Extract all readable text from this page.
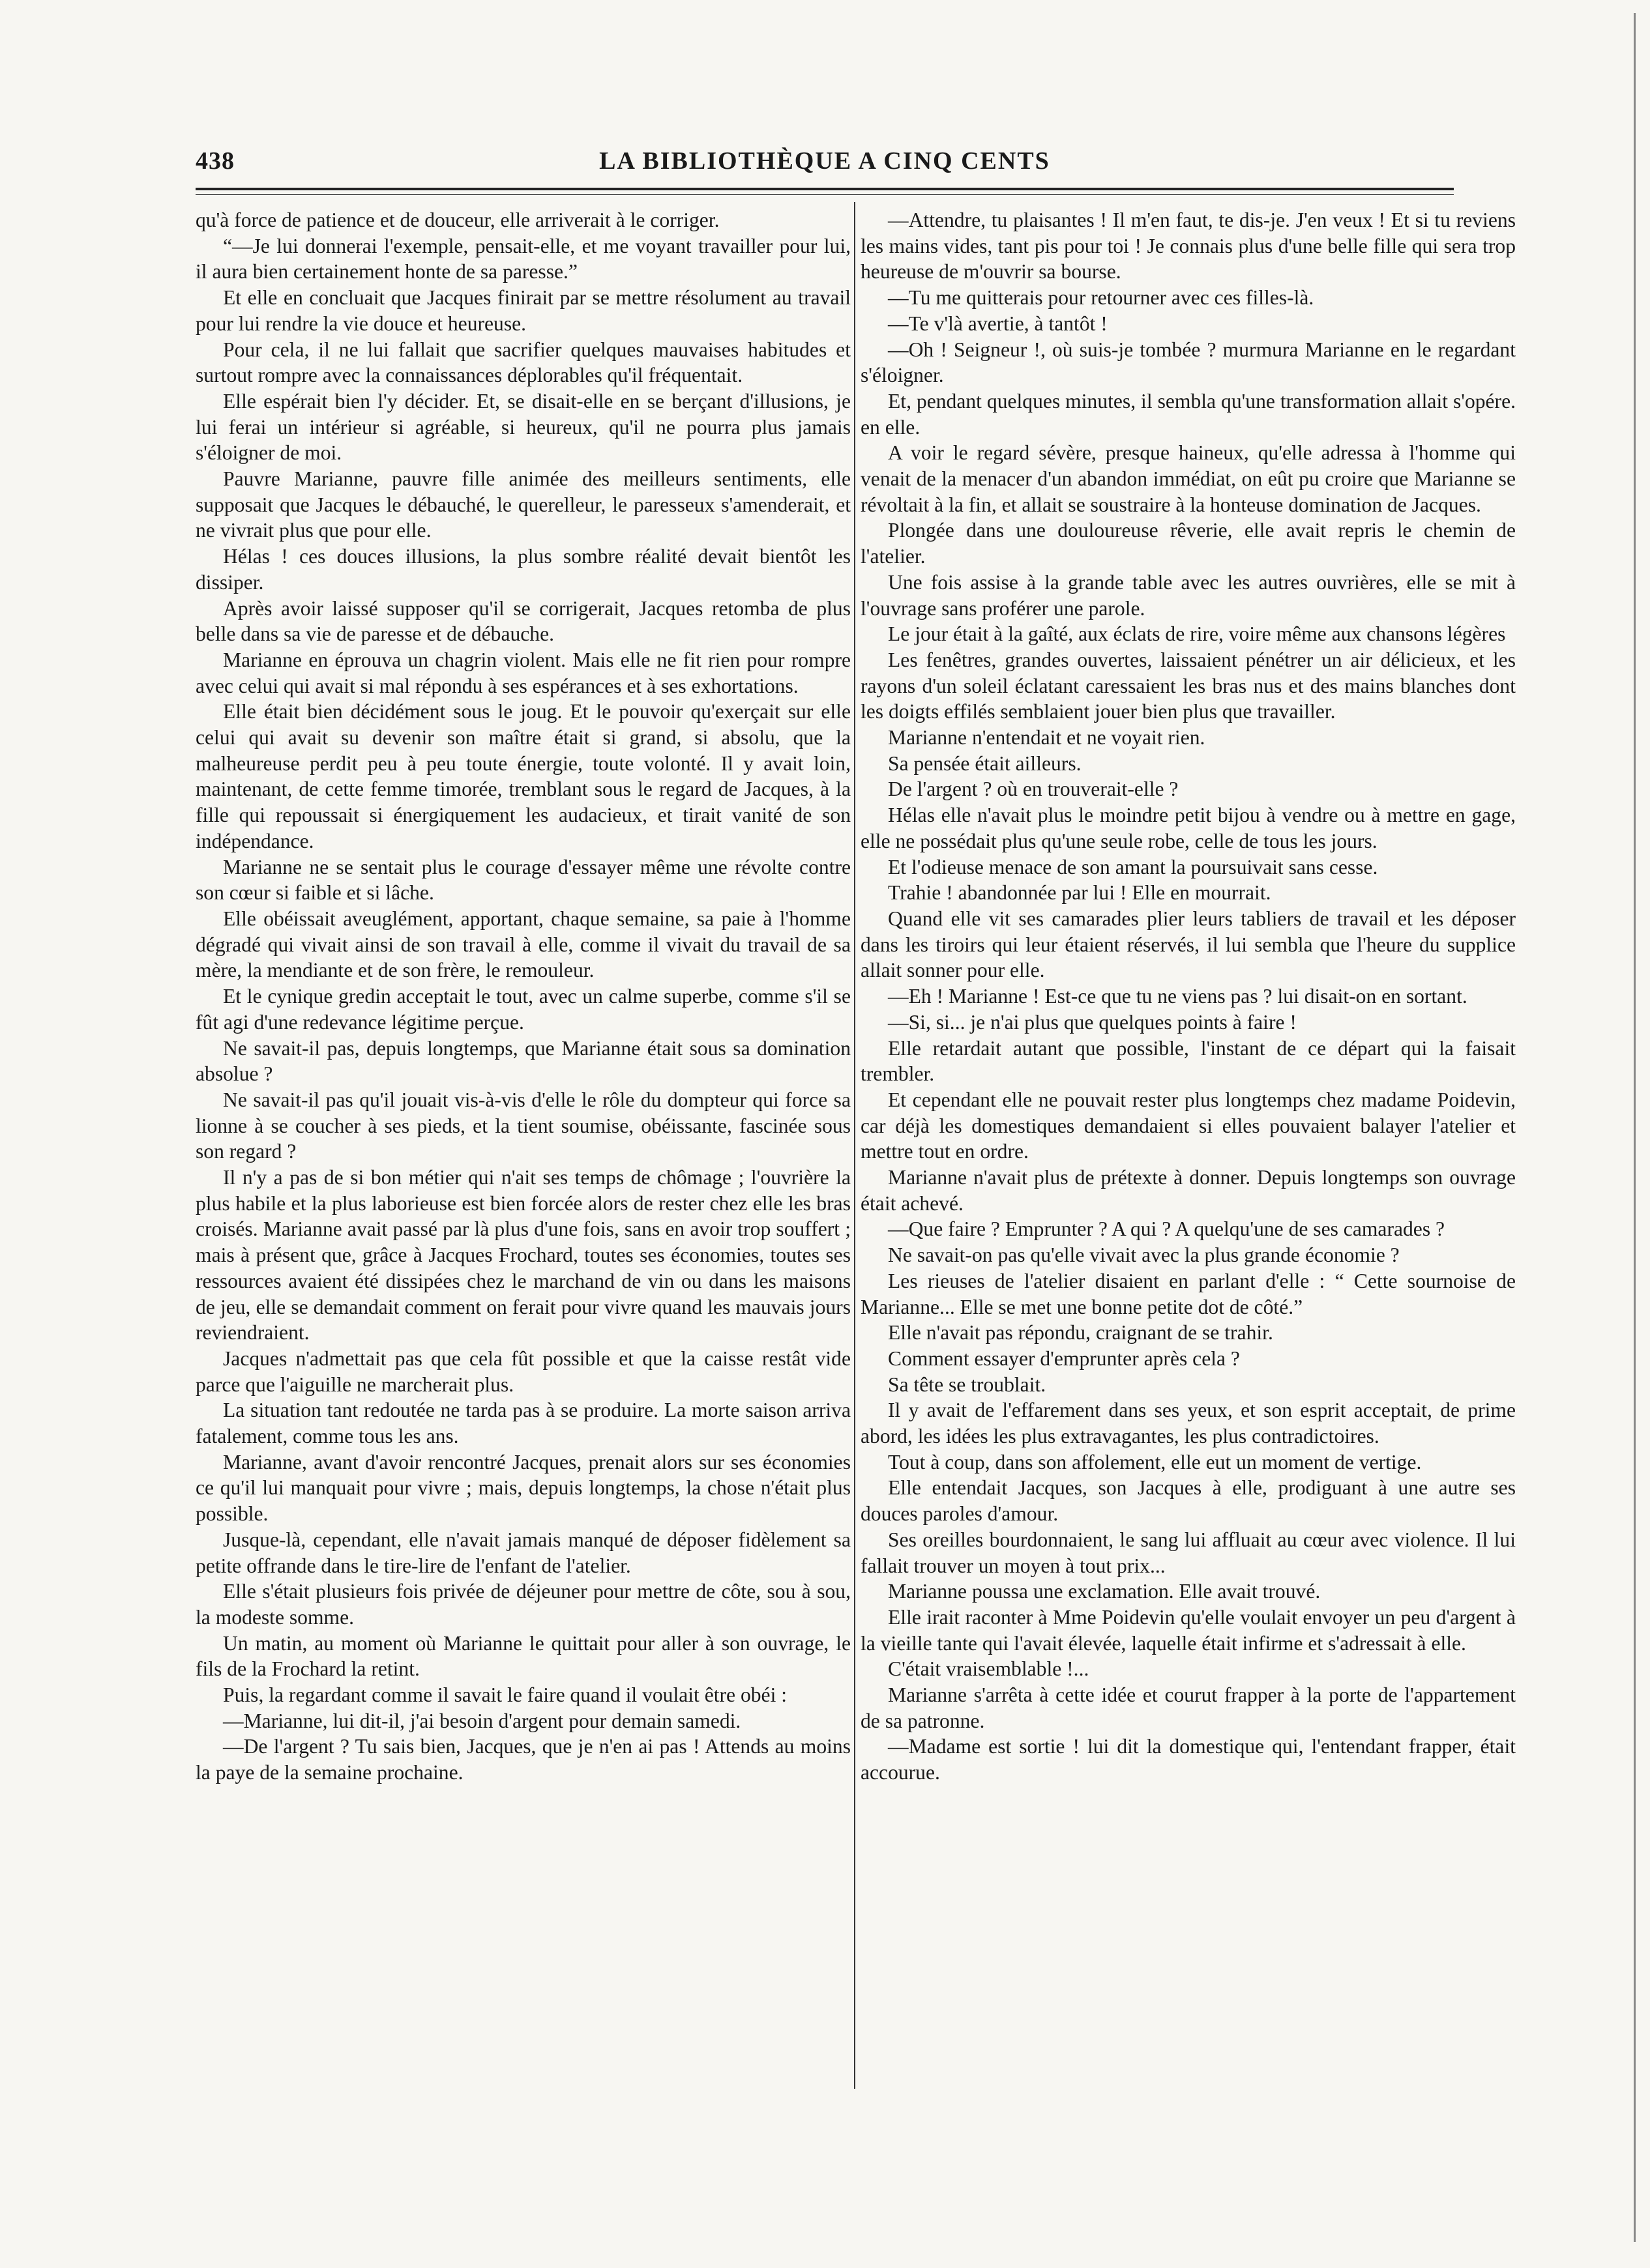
438	LA BIBLIOTHÈQUE A CINQ CENTS

qu'à force de patience et de douceur, elle arriverait à le corriger.

“—Je lui donnerai l'exemple, pensait-elle, et me voyant travailler pour lui, il aura bien certainement honte de sa paresse.”

Et elle en concluait que Jacques finirait par se mettre résolument au travail pour lui rendre la vie douce et heureuse.

Pour cela, il ne lui fallait que sacrifier quelques mauvaises habitudes et surtout rompre avec la connaissances déplorables qu'il fréquentait.

Elle espérait bien l'y décider. Et, se disait-elle en se berçant d'illusions, je lui ferai un intérieur si agréable, si heureux, qu'il ne pourra plus jamais s'éloigner de moi.

Pauvre Marianne, pauvre fille animée des meilleurs sentiments, elle supposait que Jacques le débauché, le querelleur, le paresseux s'amenderait, et ne vivrait plus que pour elle.

Hélas ! ces douces illusions, la plus sombre réalité devait bientôt les dissiper.

Après avoir laissé supposer qu'il se corrigerait, Jacques retomba de plus belle dans sa vie de paresse et de débauche.

Marianne en éprouva un chagrin violent. Mais elle ne fit rien pour rompre avec celui qui avait si mal répondu à ses espérances et à ses exhortations.

Elle était bien décidément sous le joug. Et le pouvoir qu'exerçait sur elle celui qui avait su devenir son maître était si grand, si absolu, que la malheureuse perdit peu à peu toute énergie, toute volonté. Il y avait loin, maintenant, de cette femme timorée, tremblant sous le regard de Jacques, à la fille qui repoussait si énergiquement les audacieux, et tirait vanité de son indépendance.

Marianne ne se sentait plus le courage d'essayer même une révolte contre son cœur si faible et si lâche.

Elle obéissait aveuglément, apportant, chaque semaine, sa paie à l'homme dégradé qui vivait ainsi de son travail à elle, comme il vivait du travail de sa mère, la mendiante et de son frère, le remouleur.

Et le cynique gredin acceptait le tout, avec un calme superbe, comme s'il se fût agi d'une redevance légitime perçue.

Ne savait-il pas, depuis longtemps, que Marianne était sous sa domination absolue ?

Ne savait-il pas qu'il jouait vis-à-vis d'elle le rôle du dompteur qui force sa lionne à se coucher à ses pieds, et la tient soumise, obéissante, fascinée sous son regard ?

Il n'y a pas de si bon métier qui n'ait ses temps de chômage ; l'ouvrière la plus habile et la plus laborieuse est bien forcée alors de rester chez elle les bras croisés. Marianne avait passé par là plus d'une fois, sans en avoir trop souffert ; mais à présent que, grâce à Jacques Frochard, toutes ses économies, toutes ses ressources avaient été dissipées chez le marchand de vin ou dans les maisons de jeu, elle se demandait comment on ferait pour vivre quand les mauvais jours reviendraient.

Jacques n'admettait pas que cela fût possible et que la caisse restât vide parce que l'aiguille ne marcherait plus.

La situation tant redoutée ne tarda pas à se produire. La morte saison arriva fatalement, comme tous les ans.

Marianne, avant d'avoir rencontré Jacques, prenait alors sur ses économies ce qu'il lui manquait pour vivre ; mais, depuis longtemps, la chose n'était plus possible.

Jusque-là, cependant, elle n'avait jamais manqué de déposer fidèlement sa petite offrande dans le tire-lire de l'enfant de l'atelier.

Elle s'était plusieurs fois privée de déjeuner pour mettre de côte, sou à sou, la modeste somme.

Un matin, au moment où Marianne le quittait pour aller à son ouvrage, le fils de la Frochard la retint.

Puis, la regardant comme il savait le faire quand il voulait être obéi :

—Marianne, lui dit-il, j'ai besoin d'argent pour demain samedi.

—De l'argent ? Tu sais bien, Jacques, que je n'en ai pas ! Attends au moins la paye de la semaine prochaine.

—Attendre, tu plaisantes ! Il m'en faut, te dis-je. J'en veux ! Et si tu reviens les mains vides, tant pis pour toi ! Je connais plus d'une belle fille qui sera trop heureuse de m'ouvrir sa bourse.

—Tu me quitterais pour retourner avec ces filles-là.

—Te v'là avertie, à tantôt !

—Oh ! Seigneur !, où suis-je tombée ? murmura Marianne en le regardant s'éloigner.

Et, pendant quelques minutes, il sembla qu'une transformation allait s'opére. en elle.

A voir le regard sévère, presque haineux, qu'elle adressa à l'homme qui venait de la menacer d'un abandon immédiat, on eût pu croire que Marianne se révoltait à la fin, et allait se soustraire à la honteuse domination de Jacques.

Plongée dans une douloureuse rêverie, elle avait repris le chemin de l'atelier.

Une fois assise à la grande table avec les autres ouvrières, elle se mit à l'ouvrage sans proférer une parole.

Le jour était à la gaîté, aux éclats de rire, voire même aux chansons légères

Les fenêtres, grandes ouvertes, laissaient pénétrer un air délicieux, et les rayons d'un soleil éclatant caressaient les bras nus et des mains blanches dont les doigts effilés semblaient jouer bien plus que travailler.

Marianne n'entendait et ne voyait rien.

Sa pensée était ailleurs.

De l'argent ? où en trouverait-elle ?

Hélas elle n'avait plus le moindre petit bijou à vendre ou à mettre en gage, elle ne possédait plus qu'une seule robe, celle de tous les jours.

Et l'odieuse menace de son amant la poursuivait sans cesse.

Trahie ! abandonnée par lui ! Elle en mourrait.

Quand elle vit ses camarades plier leurs tabliers de travail et les déposer dans les tiroirs qui leur étaient réservés, il lui sembla que l'heure du supplice allait sonner pour elle.

—Eh ! Marianne ! Est-ce que tu ne viens pas ? lui disait-on en sortant.

—Si, si... je n'ai plus que quelques points à faire !

Elle retardait autant que possible, l'instant de ce départ qui la faisait trembler.

Et cependant elle ne pouvait rester plus longtemps chez madame Poidevin, car déjà les domestiques demandaient si elles pouvaient balayer l'atelier et mettre tout en ordre.

Marianne n'avait plus de prétexte à donner. Depuis longtemps son ouvrage était achevé.

—Que faire ? Emprunter ? A qui ? A quelqu'une de ses camarades ?

Ne savait-on pas qu'elle vivait avec la plus grande économie ?

Les rieuses de l'atelier disaient en parlant d'elle : “ Cette sournoise de Marianne... Elle se met une bonne petite dot de côté.”

Elle n'avait pas répondu, craignant de se trahir.

Comment essayer d'emprunter après cela ?

Sa tête se troublait.

Il y avait de l'effarement dans ses yeux, et son esprit acceptait, de prime abord, les idées les plus extravagantes, les plus contradictoires.

Tout à coup, dans son affolement, elle eut un moment de vertige.

Elle entendait Jacques, son Jacques à elle, prodiguant à une autre ses douces paroles d'amour.

Ses oreilles bourdonnaient, le sang lui affluait au cœur avec violence. Il lui fallait trouver un moyen à tout prix...

Marianne poussa une exclamation. Elle avait trouvé.

Elle irait raconter à Mme Poidevin qu'elle voulait envoyer un peu d'argent à la vieille tante qui l'avait élevée, laquelle était infirme et s'adressait à elle.

C'était vraisemblable !...

Marianne s'arrêta à cette idée et courut frapper à la porte de l'appartement de sa patronne.

—Madame est sortie ! lui dit la domestique qui, l'entendant frapper, était accourue.
